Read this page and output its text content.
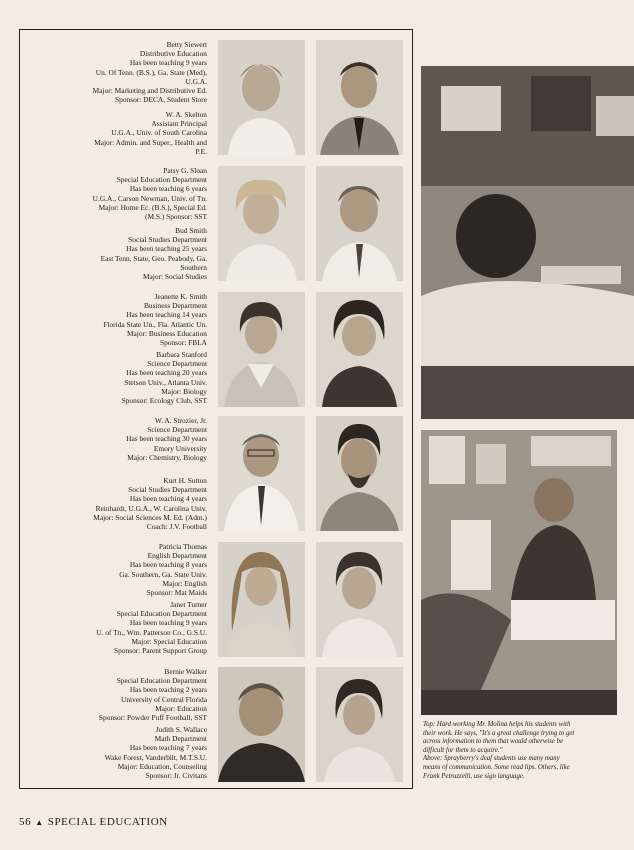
Betty Siewert
Distributive Education
Has been teaching 9 years
Un. Of Tenn. (B.S.), Ga. State (Med),
U.G.A.
Major: Marketing and Distributive Ed.
Sponsor: DECA, Student Store
W. A. Skelton
Assistant Principal
U.G.A., Univ. of South Carolina
Major: Admin. and Super., Health and
P.E.
Patsy G. Sloan
Special Education Department
Has been teaching 6 years
U.G.A., Carson Newman, Univ. of Tn.
Major: Home Ec. (B.S.), Special Ed.
(M.S.) Sponsor: SST
Bud Smith
Social Studies Department
Has been teaching 25 years
East Tenn. State, Geo. Peabody, Ga.
Southern
Major: Social Studies
Jeanette K. Smith
Business Department
Has been teaching 14 years
Florida State Un., Fla. Atlantic Un.
Major: Business Education
Sponsor: FBLA
Barbara Stanford
Science Department
Has been teaching 20 years
Stetson Univ., Atlanta Univ.
Major: Biology
Sponsor: Ecology Club, SST
W. A. Strozier, Jr.
Science Department
Has been teaching 30 years
Emory University
Major: Chemistry, Biology
Kurt H. Sutton
Social Studies Department
Has been teaching 4 years
Reinhardt, U.G.A., W. Carolina Univ.
Major: Social Sciences M. Ed. (Adm.)
Coach: J.V. Football
Patricia Thomas
English Department
Has been teaching 8 years
Ga. Southern, Ga. State Univ.
Major: English
Sponsor: Mat Maids
Janet Turner
Special Education Department
Has been teaching 9 years
U. of Tn., Wm. Patterson Co., G.S.U.
Major: Special Education
Sponsor: Parent Support Group
Bernie Walker
Special Education Department
Has been teaching 2 years
University of Central Florida
Major: Education
Sponsor: Powder Puff Football, SST
Judith S. Wallace
Math Department
Has been teaching 7 years
Wake Forest, Vanderbilt, M.T.S.U.
Major: Education, Counseling
Sponsor: Jr. Civitans
Top: Hard working Mr. Molina helps his students with
their work. He says, "It's a great challenge trying to get
across information to them that would otherwise be
difficult for them to acquire."
Above: Sprayberry's deaf students use many many
means of communication. Some read lips. Others, like
Frank Petruzzelli, use sign language.
56 ▲ SPECIAL EDUCATION
